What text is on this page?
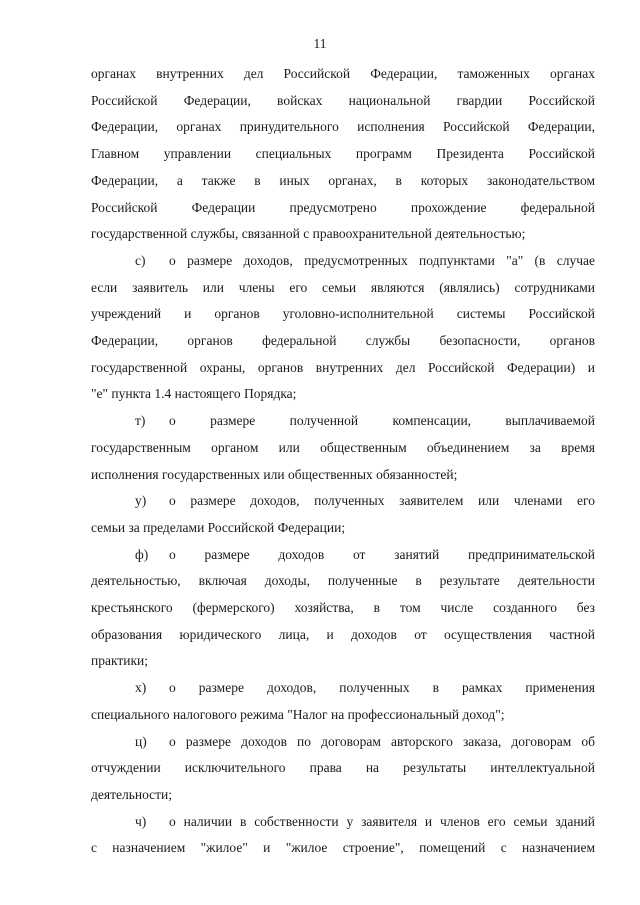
11
органах внутренних дел Российской Федерации, таможенных органах
Российской Федерации, войсках национальной гвардии Российской
Федерации, органах принудительного исполнения Российской Федерации,
Главном управлении специальных программ Президента Российской
Федерации, а также в иных органах, в которых законодательством
Российской Федерации предусмотрено прохождение федеральной
государственной службы, связанной с правоохранительной деятельностью;
с) о размере доходов, предусмотренных подпунктами "а" (в случае
если заявитель или члены его семьи являются (являлись) сотрудниками
учреждений и органов уголовно-исполнительной системы Российской
Федерации, органов федеральной службы безопасности, органов
государственной охраны, органов внутренних дел Российской Федерации) и
"е" пункта 1.4 настоящего Порядка;
т) о размере полученной компенсации, выплачиваемой
государственным органом или общественным объединением за время
исполнения государственных или общественных обязанностей;
у) о размере доходов, полученных заявителем или членами его
семьи за пределами Российской Федерации;
ф) о размере доходов от занятий предпринимательской
деятельностью, включая доходы, полученные в результате деятельности
крестьянского (фермерского) хозяйства, в том числе созданного без
образования юридического лица, и доходов от осуществления частной
практики;
х) о размере доходов, полученных в рамках применения
специального налогового режима "Налог на профессиональный доход";
ц) о размере доходов по договорам авторского заказа, договорам об
отчуждении исключительного права на результаты интеллектуальной
деятельности;
ч) о наличии в собственности у заявителя и членов его семьи зданий
с назначением "жилое" и "жилое строение", помещений с назначением
